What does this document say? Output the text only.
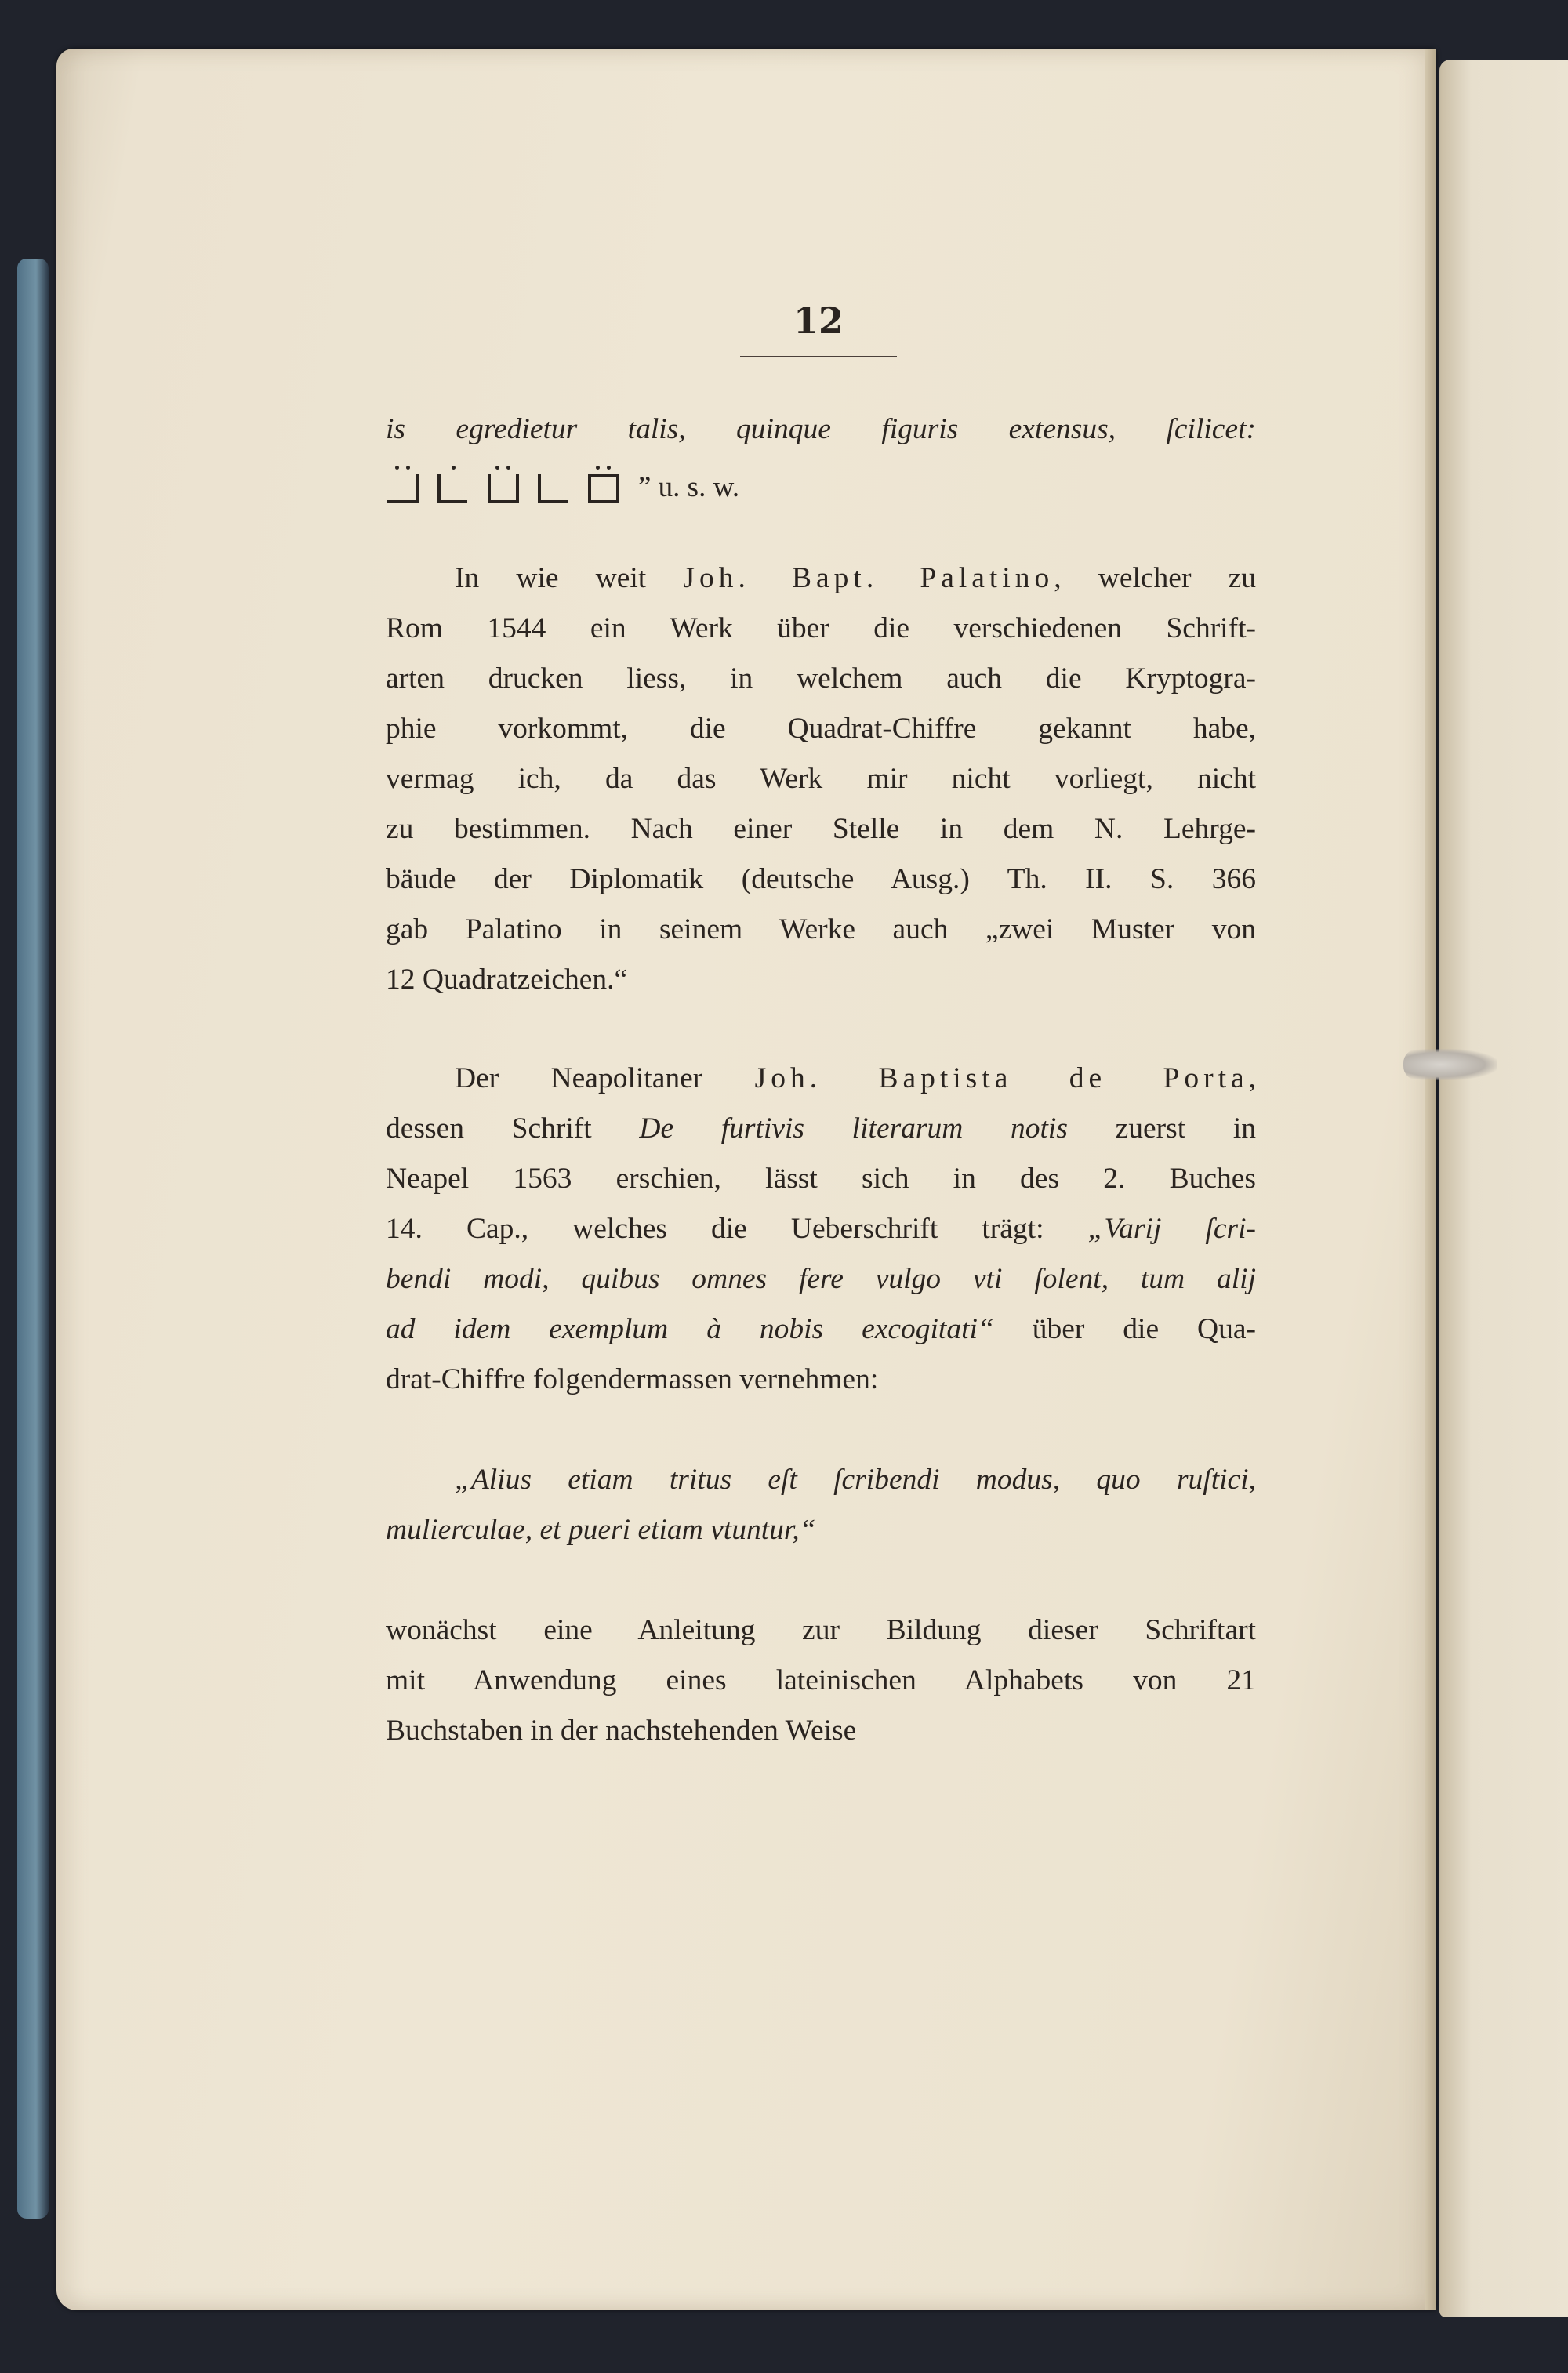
12

is egredietur talis, quinque figuris extensus, ſcilicet:

” u. s. w.

In wie weit Joh. Bapt. Palatino, welcher zu

Rom 1544 ein Werk über die verschiedenen Schrift-

arten drucken liess, in welchem auch die Kryptogra-

phie vorkommt, die Quadrat-Chiffre gekannt habe,

vermag ich, da das Werk mir nicht vorliegt, nicht

zu bestimmen. Nach einer Stelle in dem N. Lehrge-

bäude der Diplomatik (deutsche Ausg.) Th. II. S. 366

gab Palatino in seinem Werke auch „zwei Muster von

12 Quadratzeichen.“

Der Neapolitaner Joh. Baptista de Porta,

dessen Schrift De furtivis literarum notis zuerst in

Neapel 1563 erschien, lässt sich in des 2. Buches

14. Cap., welches die Ueberschrift trägt: „Varij ſcri-

bendi modi, quibus omnes fere vulgo vti ſolent, tum alij

ad idem exemplum à nobis excogitati“ über die Qua-

drat-Chiffre folgendermassen vernehmen:

„Alius etiam tritus eſt ſcribendi modus, quo ruſtici,

mulierculae, et pueri etiam vtuntur,“

wonächst eine Anleitung zur Bildung dieser Schriftart

mit Anwendung eines lateinischen Alphabets von 21

Buchstaben in der nachstehenden Weise
